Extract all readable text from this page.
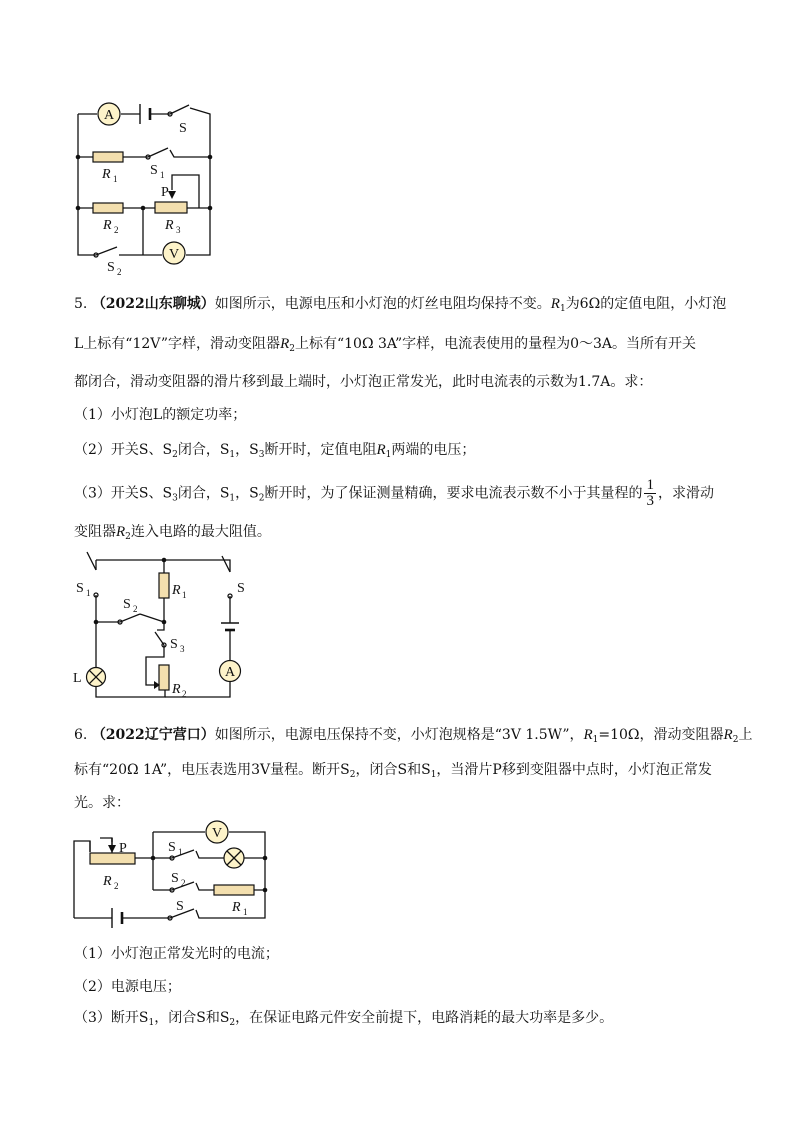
A
S
R 1
S 1
P
R 2	R 3
V
S 2
5. （2022山东聊城）如图所示，电源电压和小灯泡的灯丝电阻均保持不变。$R_1$为6Ω的定值电阻，小灯泡
L上标有“12V”字样，滑动变阻器$R_2$上标有“10Ω 3A”字样，电流表使用的量程为0～3A。当所有开关
都闭合，滑动变阻器的滑片移到最上端时，小灯泡正常发光，此时电流表的示数为1.7A。求：
（1）小灯泡L的额定功率；
（2）开关S、$S_2$闭合，$S_1$，$S_3$断开时，定值电阻$R_1$两端的电压；
（3）开关S、$S_3$闭合，$S_1$，$S_2$断开时，为了保证测量精确，要求电流表示数不小于其量程的 $\frac{1}{3}$ ，求滑动
变阻器$R_2$连入电路的最大阻值。
S 1	R 1
S 2
S 3
R 2
S
A
L
6. （2022辽宁营口）如图所示，电源电压保持不变，小灯泡规格是“3V 1.5W”，$R_1=10\Omega$，滑动变阻器$R_2$上
标有“20Ω 1A”，电压表选用3V量程。断开$S_2$，闭合S和$S_1$，当滑片P移到变阻器中点时，小灯泡正常发
光。求：
P
R 2
V
S 1
S 2
R 1
S
（1）小灯泡正常发光时的电流；
（2）电源电压；
（3）断开$S_1$，闭合S和$S_2$，在保证电路元件安全前提下，电路消耗的最大功率是多少。
